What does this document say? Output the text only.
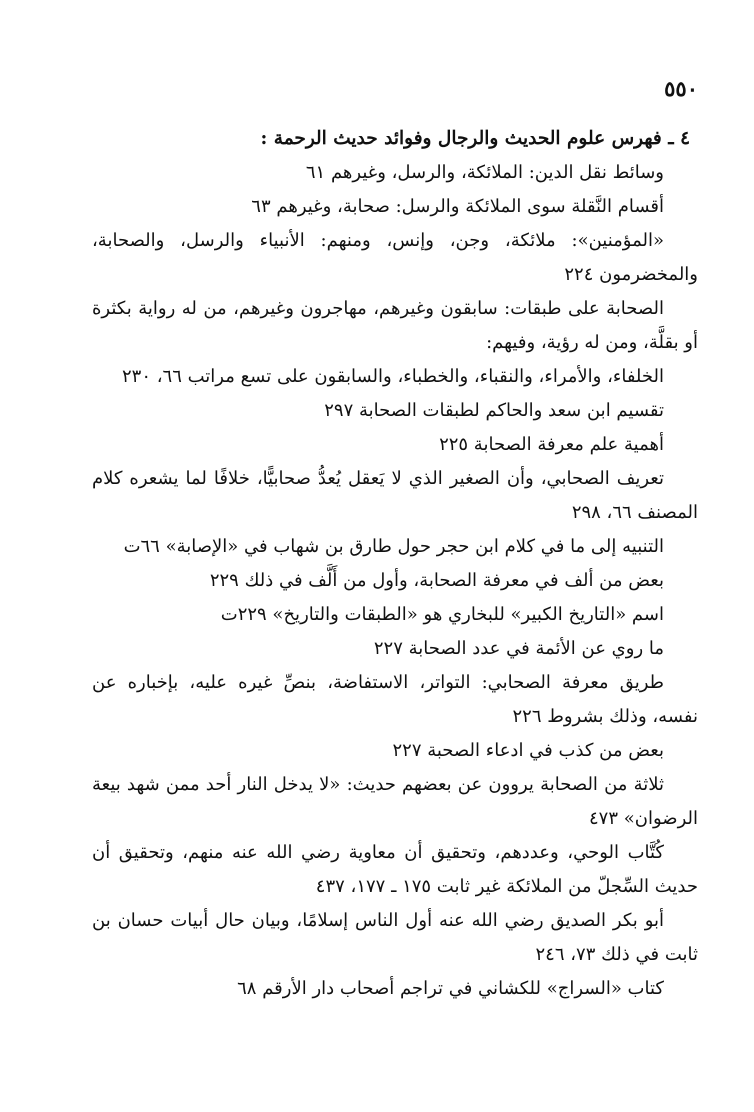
٥٥٠

٤ ـ فهرس علوم الحديث والرجال وفوائد حديث الرحمة :

وسائط نقل الدين: الملائكة، والرسل، وغيرهم ٦١

أقسام النَّقلة سوى الملائكة والرسل: صحابة، وغيرهم ٦٣

«المؤمنين»: ملائكة، وجن، وإنس، ومنهم: الأنبياء والرسل، والصحابة، والمخضرمون ٢٢٤

الصحابة على طبقات: سابقون وغيرهم، مهاجرون وغيرهم، من له رواية بكثرة أو بقلَّة، ومن له رؤية، وفيهم:

الخلفاء، والأمراء، والنقباء، والخطباء، والسابقون على تسع مراتب ٦٦، ٢٣٠

تقسيم ابن سعد والحاكم لطبقات الصحابة ٢٩٧

أهمية علم معرفة الصحابة ٢٢٥

تعريف الصحابي، وأن الصغير الذي لا يَعقل يُعدُّ صحابيًّا، خلافًا لما يشعره كلام المصنف ٦٦، ٢٩٨

التنبيه إلى ما في كلام ابن حجر حول طارق بن شهاب في «الإصابة» ٦٦ت

بعض من ألف في معرفة الصحابة، وأول من أَلَّف في ذلك ٢٢٩

اسم «التاريخ الكبير» للبخاري هو «الطبقات والتاريخ» ٢٢٩ت

ما روي عن الأئمة في عدد الصحابة ٢٢٧

طريق معرفة الصحابي: التواتر، الاستفاضة، بنصِّ غيره عليه، بإخباره عن نفسه، وذلك بشروط ٢٢٦

بعض من كذب في ادعاء الصحبة ٢٢٧

ثلاثة من الصحابة يروون عن بعضهم حديث: «لا يدخل النار أحد ممن شهد بيعة الرضوان» ٤٧٣

كُتَّاب الوحي، وعددهم، وتحقيق أن معاوية رضي الله عنه منهم، وتحقيق أن حديث السِّجلّ من الملائكة غير ثابت ١٧٥ ـ ١٧٧، ٤٣٧

أبو بكر الصديق رضي الله عنه أول الناس إسلامًا، وبيان حال أبيات حسان بن ثابت في ذلك ٧٣، ٢٤٦

كتاب «السراج» للكشاني في تراجم أصحاب دار الأرقم ٦٨
